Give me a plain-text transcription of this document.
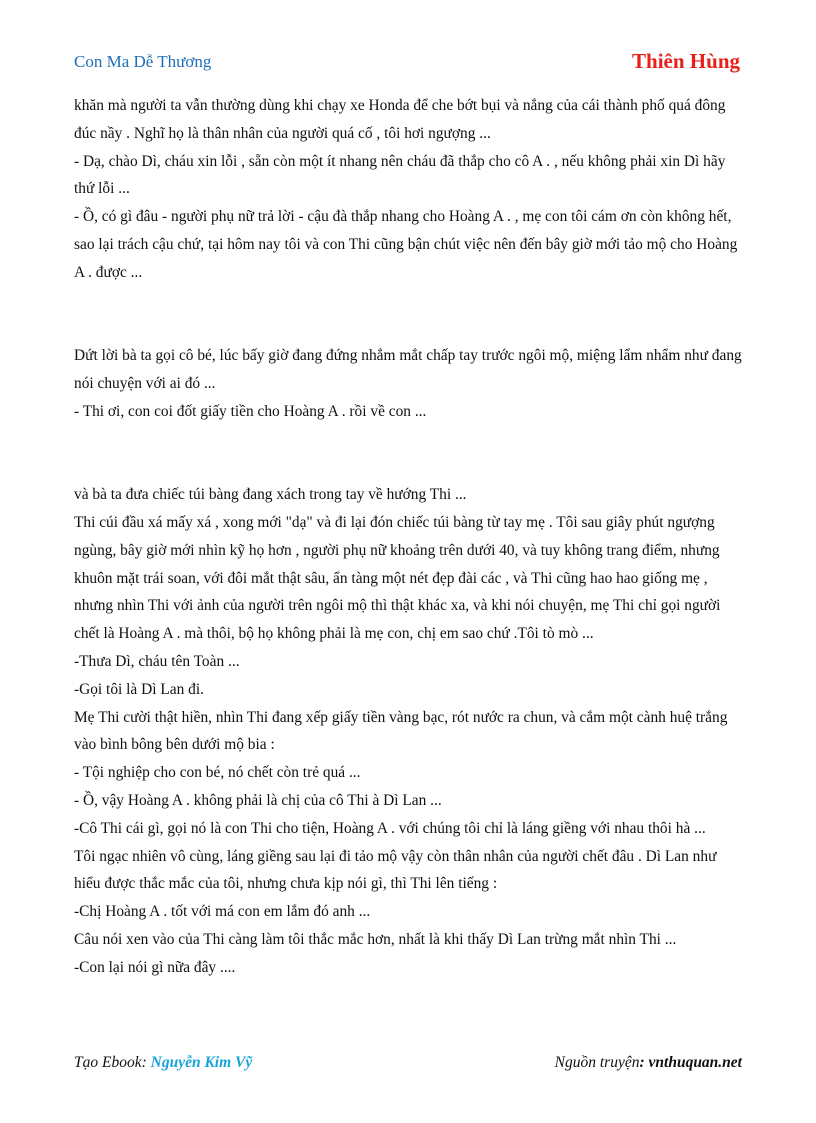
Con Ma Dễ Thương	Thiên Hùng

khăn mà người ta vẫn thường dùng khi chạy xe Honda để che bớt bụi và nắng của cái thành phố quá đông đúc nầy . Nghĩ họ là thân nhân của người quá cố , tôi hơi ngượng ...

- Dạ, chào Dì, cháu xin lỗi , sẵn còn một ít nhang nên cháu đã thắp cho cô A . , nếu không phải xin Dì hãy thứ lỗi ...

- Ồ, có gì đâu - người phụ nữ trả lời - cậu đà thắp nhang cho Hoàng A . , mẹ con tôi cám ơn còn không hết, sao lại trách cậu chứ, tại hôm nay tôi và con Thi cũng bận chút việc nên đến bây giờ mới tảo mộ cho Hoàng A . được ...

Dứt lời bà ta gọi cô bé, lúc bấy giờ đang đứng nhắm mắt chấp tay trước ngôi mộ, miệng lẩm nhẩm như đang nói chuyện với ai đó ...

- Thi ơi, con coi đốt giấy tiền cho Hoàng A . rồi về con ...

và bà ta đưa chiếc túi bàng đang xách trong tay về hướng Thi ...

Thi cúi đầu xá mấy xá , xong mới "dạ" và đi lại đón chiếc túi bàng từ tay mẹ . Tôi sau giây phút ngượng ngùng, bây giờ mới nhìn kỹ họ hơn , người phụ nữ khoảng trên dưới 40, và tuy không trang điểm, nhưng khuôn mặt trái soan, với đôi mắt thật sâu, ẩn tàng một nét đẹp đài các , và Thi cũng hao hao giống mẹ , nhưng nhìn Thi với ảnh của người trên ngôi mộ thì thật khác xa, và khi nói chuyện, mẹ Thi chỉ gọi người chết là Hoàng A . mà thôi, bộ họ không phải là mẹ con, chị em sao chứ .Tôi tò mò ...

-Thưa Dì, cháu tên Toàn ...

-Gọi tôi là Dì Lan đi.

Mẹ Thi cười thật hiền, nhìn Thi đang xếp giấy tiền vàng bạc, rót nước ra chun, và cắm một cành huệ trắng vào bình bông bên dưới mộ bia :

- Tội nghiệp cho con bé, nó chết còn trẻ quá ...

- Ồ, vậy Hoàng A . không phải là chị của cô Thi à Dì Lan ...

-Cô Thi cái gì, gọi nó là con Thi cho tiện, Hoàng A . với chúng tôi chỉ là láng giềng với nhau thôi hà ...

Tôi ngạc nhiên vô cùng, láng giềng sau lại đi tảo mộ vậy còn thân nhân của người chết đâu . Dì Lan như hiểu được thắc mắc của tôi, nhưng chưa kịp nói gì, thì Thi lên tiếng :

-Chị Hoàng A . tốt với má con em lắm đó anh ...

Câu nói xen vào của Thi càng làm tôi thắc mắc hơn, nhất là khi thấy Dì Lan trừng mắt nhìn Thi ...

-Con lại nói gì nữa đây ....

Tạo Ebook: Nguyễn Kim Vỹ	Nguồn truyện: vnthuquan.net
